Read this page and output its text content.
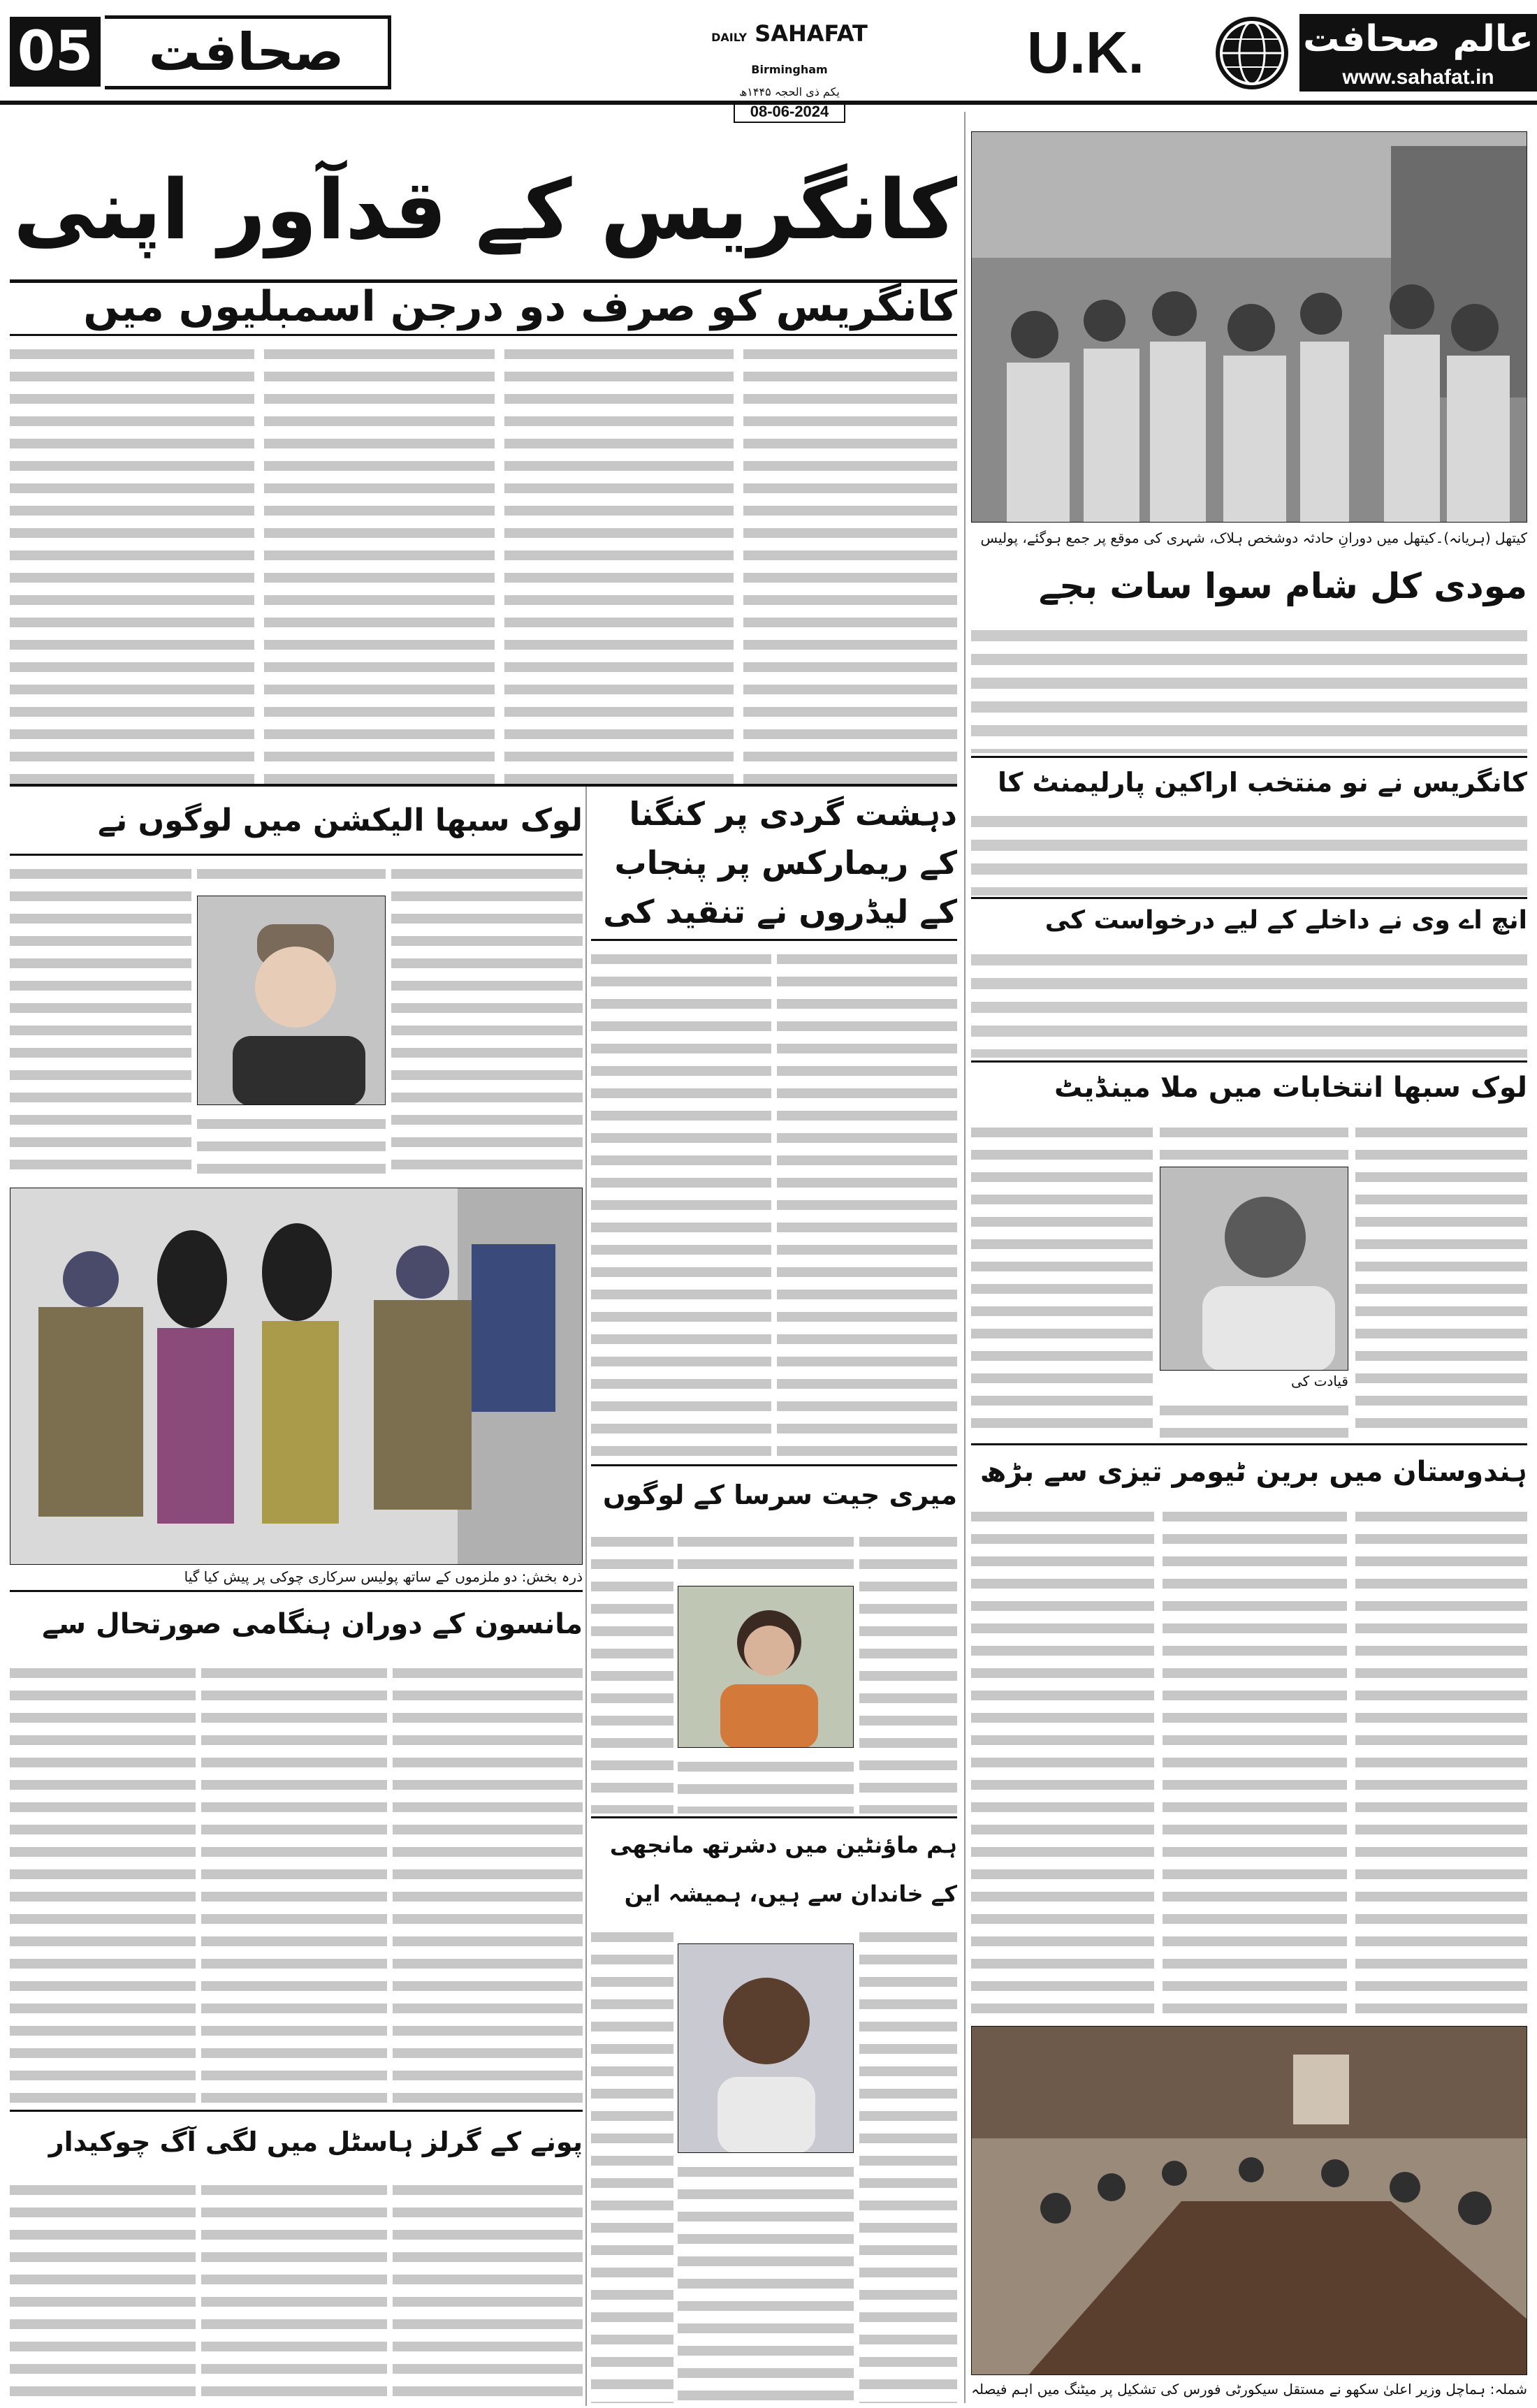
05	صحافت	DAILY SAHAFAT Birmingham
یکم ذی الحجہ ۱۴۴۵ھ
08-06-2024
U.K.	عالم صحافت
www.sahafat.in
کانگریس کے قدآور اپنی
کانگریس کو صرف دو درجن اسمبلیوں میں
کیتھل (ہریانہ)۔کیتھل میں دورانِ حادثہ دوشخص ہلاک، شہری کی موقع پر جمع ہوگئے، پولیس
مودی کل شام سوا سات بجے
کانگریس نے نو منتخب اراکین پارلیمنٹ کا
انچ اے وی نے داخلے کے لیے درخواست کی
لوک سبھا انتخابات میں ملا مینڈیٹ
قیادت کی
ہندوستان میں برین ٹیومر تیزی سے بڑھ
شملہ: ہماچل وزیر اعلیٰ سکھو نے مستقل سیکورٹی فورس کی تشکیل پر میٹنگ میں اہم فیصلہ
لوک سبھا الیکشن میں لوگوں نے
ذرہ بخش: دو ملزموں کے ساتھ پولیس سرکاری چوکی پر پیش کیا گیا
مانسون کے دوران ہنگامی صورتحال سے
پونے کے گرلز ہاسٹل میں لگی آگ چوکیدار
دہشت گردی پر کنگنا کے ریمارکس پر پنجاب کے لیڈروں نے تنقید کی
میری جیت سرسا کے لوگوں
ہم ماؤنٹین میں دشرتھ مانجھی کے خاندان سے ہیں، ہمیشہ این
